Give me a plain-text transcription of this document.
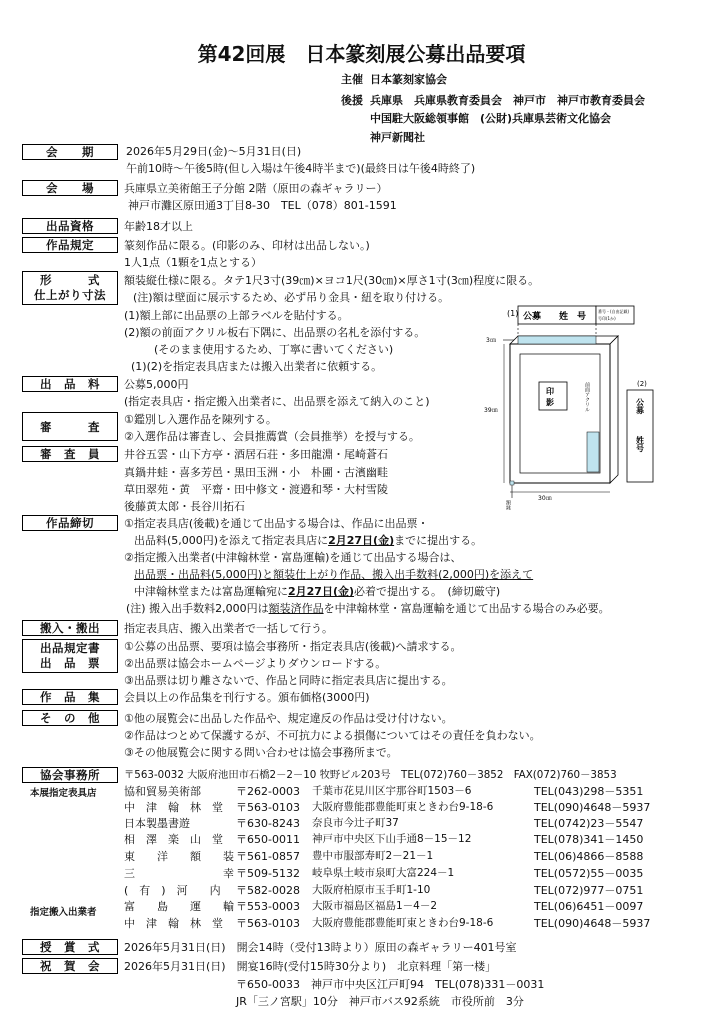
第42回展　日本篆刻展公募出品要項
主催 日本篆刻家協会
後援 兵庫県　兵庫県教育委員会　神戸市　神戸市教育委員会
中国駐大阪総領事館　(公財)兵庫県芸術文化協会
神戸新聞社
会　　期	2026年5月29日(金)～5月31日(日)
午前10時～午後5時(但し入場は午後4時半まで)(最終日は午後4時終了)
会　　場	兵庫県立美術館王子分館 2階（原田の森ギャラリー）
神戸市灘区原田通3丁目8-30　TEL（078）801-1591
出品資格	年齢18才以上
作品規定	篆刻作品に限る。(印影のみ、印材は出品しない。)
1人1点（1顆を1点とする）
形　　　式
仕上がり寸法
額装縦仕様に限る。タテ1尺3寸(39㎝)×ヨコ1尺(30㎝)×厚さ1寸(3㎝)程度に限る。
(注)額は壁面に展示するため、必ず吊り金具・紐を取り付ける。
(1)額上部に出品票の上部ラベルを貼付する。
(2)額の前面アクリル板右下隅に、出品票の名札を添付する。
(そのまま使用するため、丁寧に書いてください)
(1)(2)を指定表具店または搬入出業者に依頼する。
出　品　料	公募5,000円
(指定表具店・指定搬入出業者に、出品票を添えて納入のこと)
審　　　査	①鑑別し入選作品を陳列する。
②入選作品は審査し、会員推薦賞（会員推挙）を授与する。
審　査　員	井谷五雲・山下方亭・酒居石荘・多田龍淵・尾崎蒼石
真鍋井蛙・喜多芳邑・黒田玉洲・小　朴圃・古濱幽畦
草田翠苑・黄　平齋・田中修文・渡邉和琴・大村雪陵
後藤黄太郎・長谷川拓石
作品締切	①指定表具店(後載)を通じて出品する場合は、作品に出品票・
出品料(5,000円)を添えて指定表具店に2月27日(金)までに提出する。
②指定搬入出業者(中津翰林堂・富島運輸)を通じて出品する場合は、
出品票・出品料(5,000円)と額装仕上がり作品、搬入出手数料(2,000円)を添えて
中津翰林堂または富島運輸宛に2月27日(金)必着で提出する。　(締切厳守)
(注) 搬入出手数料2,000円は額装済作品を中津翰林堂・富島運輸を通じて出品する場合のみ必要。
搬入・搬出	指定表具店、搬入出業者で一括して行う。
出品規定書
出　品　票
①公募の出品票、要項は協会事務所・指定表具店(後載)へ請求する。
②出品票は協会ホームページよりダウンロードする。
③出品票は切り離さないで、作品と同時に指定表具店に提出する。
作　品　集	会員以上の作品集を刊行する。頒布価格(3000円)
そ　の　他	①他の展覧会に出品した作品や、規定違反の作品は受け付けない。
②作品はつとめて保護するが、不可抗力による損傷についてはその責任を負わない。
③その他展覧会に関する問い合わせは協会事務所まで。
協会事務所	〒563-0032 大阪府池田市石橋2－2－10 牧野ビル203号　TEL(072)760－3852　FAX(072)760－3853
本展指定表具店
指定搬入出業者
協和貿易美術部	〒262-0003 千葉市花見川区宇那谷町1503－6	TEL(043)298－5351
中　津　翰　林　堂 〒563-0103 大阪府豊能郡豊能町東ときわ台9-18-6	TEL(090)4648－5937
日本製墨書遊	〒630-8243 奈良市今辻子町37	TEL(0742)23－5547
相　澤　楽　山　堂 〒650-0011 神戸市中央区下山手通8－15－12	TEL(078)341－1450
東　　洋　　額　　装 〒561-0857 豊中市服部寿町2－21－1	TEL(06)4866－8588
三　　　　　　　　幸 〒509-5132 岐阜県土岐市泉町大富224－1	TEL(0572)55－0035
(　有　)　河　　内 〒582-0028 大阪府柏原市玉手町1-10	TEL(072)977－0751
富　　島　　運　　輸 〒553-0003 大阪市福島区福島1－4－2	TEL(06)6451－0097
中　津　翰　林　堂 〒563-0103 大阪府豊能郡豊能町東ときわ台9-18-6	TEL(090)4648－5937
授　賞　式	2026年5月31日(日)　開会14時（受付13時より）原田の森ギャラリー401号室
祝　賀　会	2026年5月31日(日)　開宴16時(受付15時30分より)　北京料理「第一楼」
〒650-0033　神戸市中央区江戸町94　TEL(078)331－0031
JR「三ノ宮駅」10分　神戸市バス92系統　市役所前　3分
(1) 公募　　姓　号
番号・(自由記載)
号印(1か)
3㎝
印
影	前面アクリル
額縁
39㎝
30㎝
(2)
公募
姓号
